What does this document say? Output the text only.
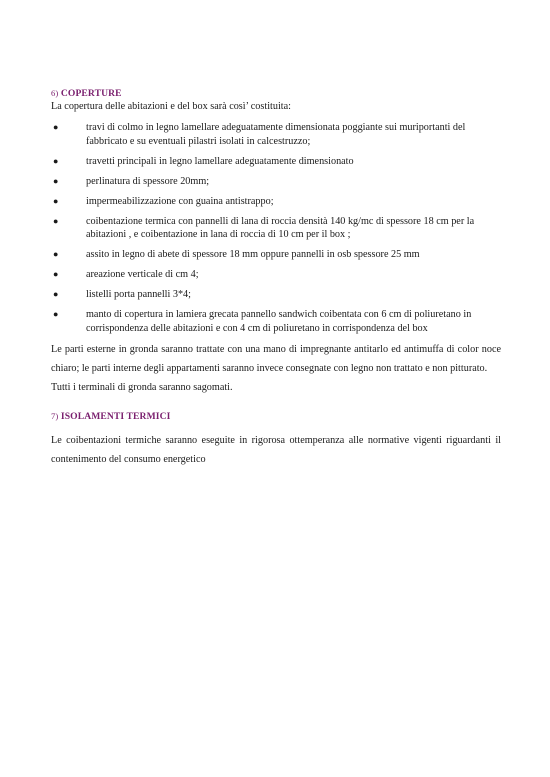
6) COPERTURE
La copertura delle abitazioni e del box sarà così’ costituita:
●	travi di colmo in legno lamellare adeguatamente dimensionata poggiante sui muriportanti del fabbricato e su eventuali pilastri isolati in calcestruzzo;
●	travetti principali in legno lamellare adeguatamente dimensionato
●	perlinatura di spessore 20mm;
●	impermeabilizzazione con guaina antistrappo;
●	coibentazione termica con pannelli di lana di roccia densità 140 kg/mc di spessore 18 cm per la abitazioni , e coibentazione in lana di roccia di 10 cm per il box ;
●	assito in legno di abete di spessore 18 mm oppure pannelli in osb spessore 25 mm
●	areazione verticale di cm 4;
●	listelli porta pannelli 3*4;
●	manto di copertura in lamiera grecata pannello sandwich coibentata con 6 cm di poliuretano in corrispondenza delle abitazioni e con 4 cm di poliuretano in corrispondenza del box
Le parti esterne in gronda saranno trattate con una mano di impregnante antitarlo ed antimuffa di color noce chiaro; le parti interne degli appartamenti saranno invece consegnate con legno non trattato e non pitturato.
Tutti i terminali di gronda saranno sagomati.
7) ISOLAMENTI TERMICI
Le coibentazioni termiche saranno eseguite in rigorosa ottemperanza alle normative vigenti riguardanti il contenimento del consumo energetico
